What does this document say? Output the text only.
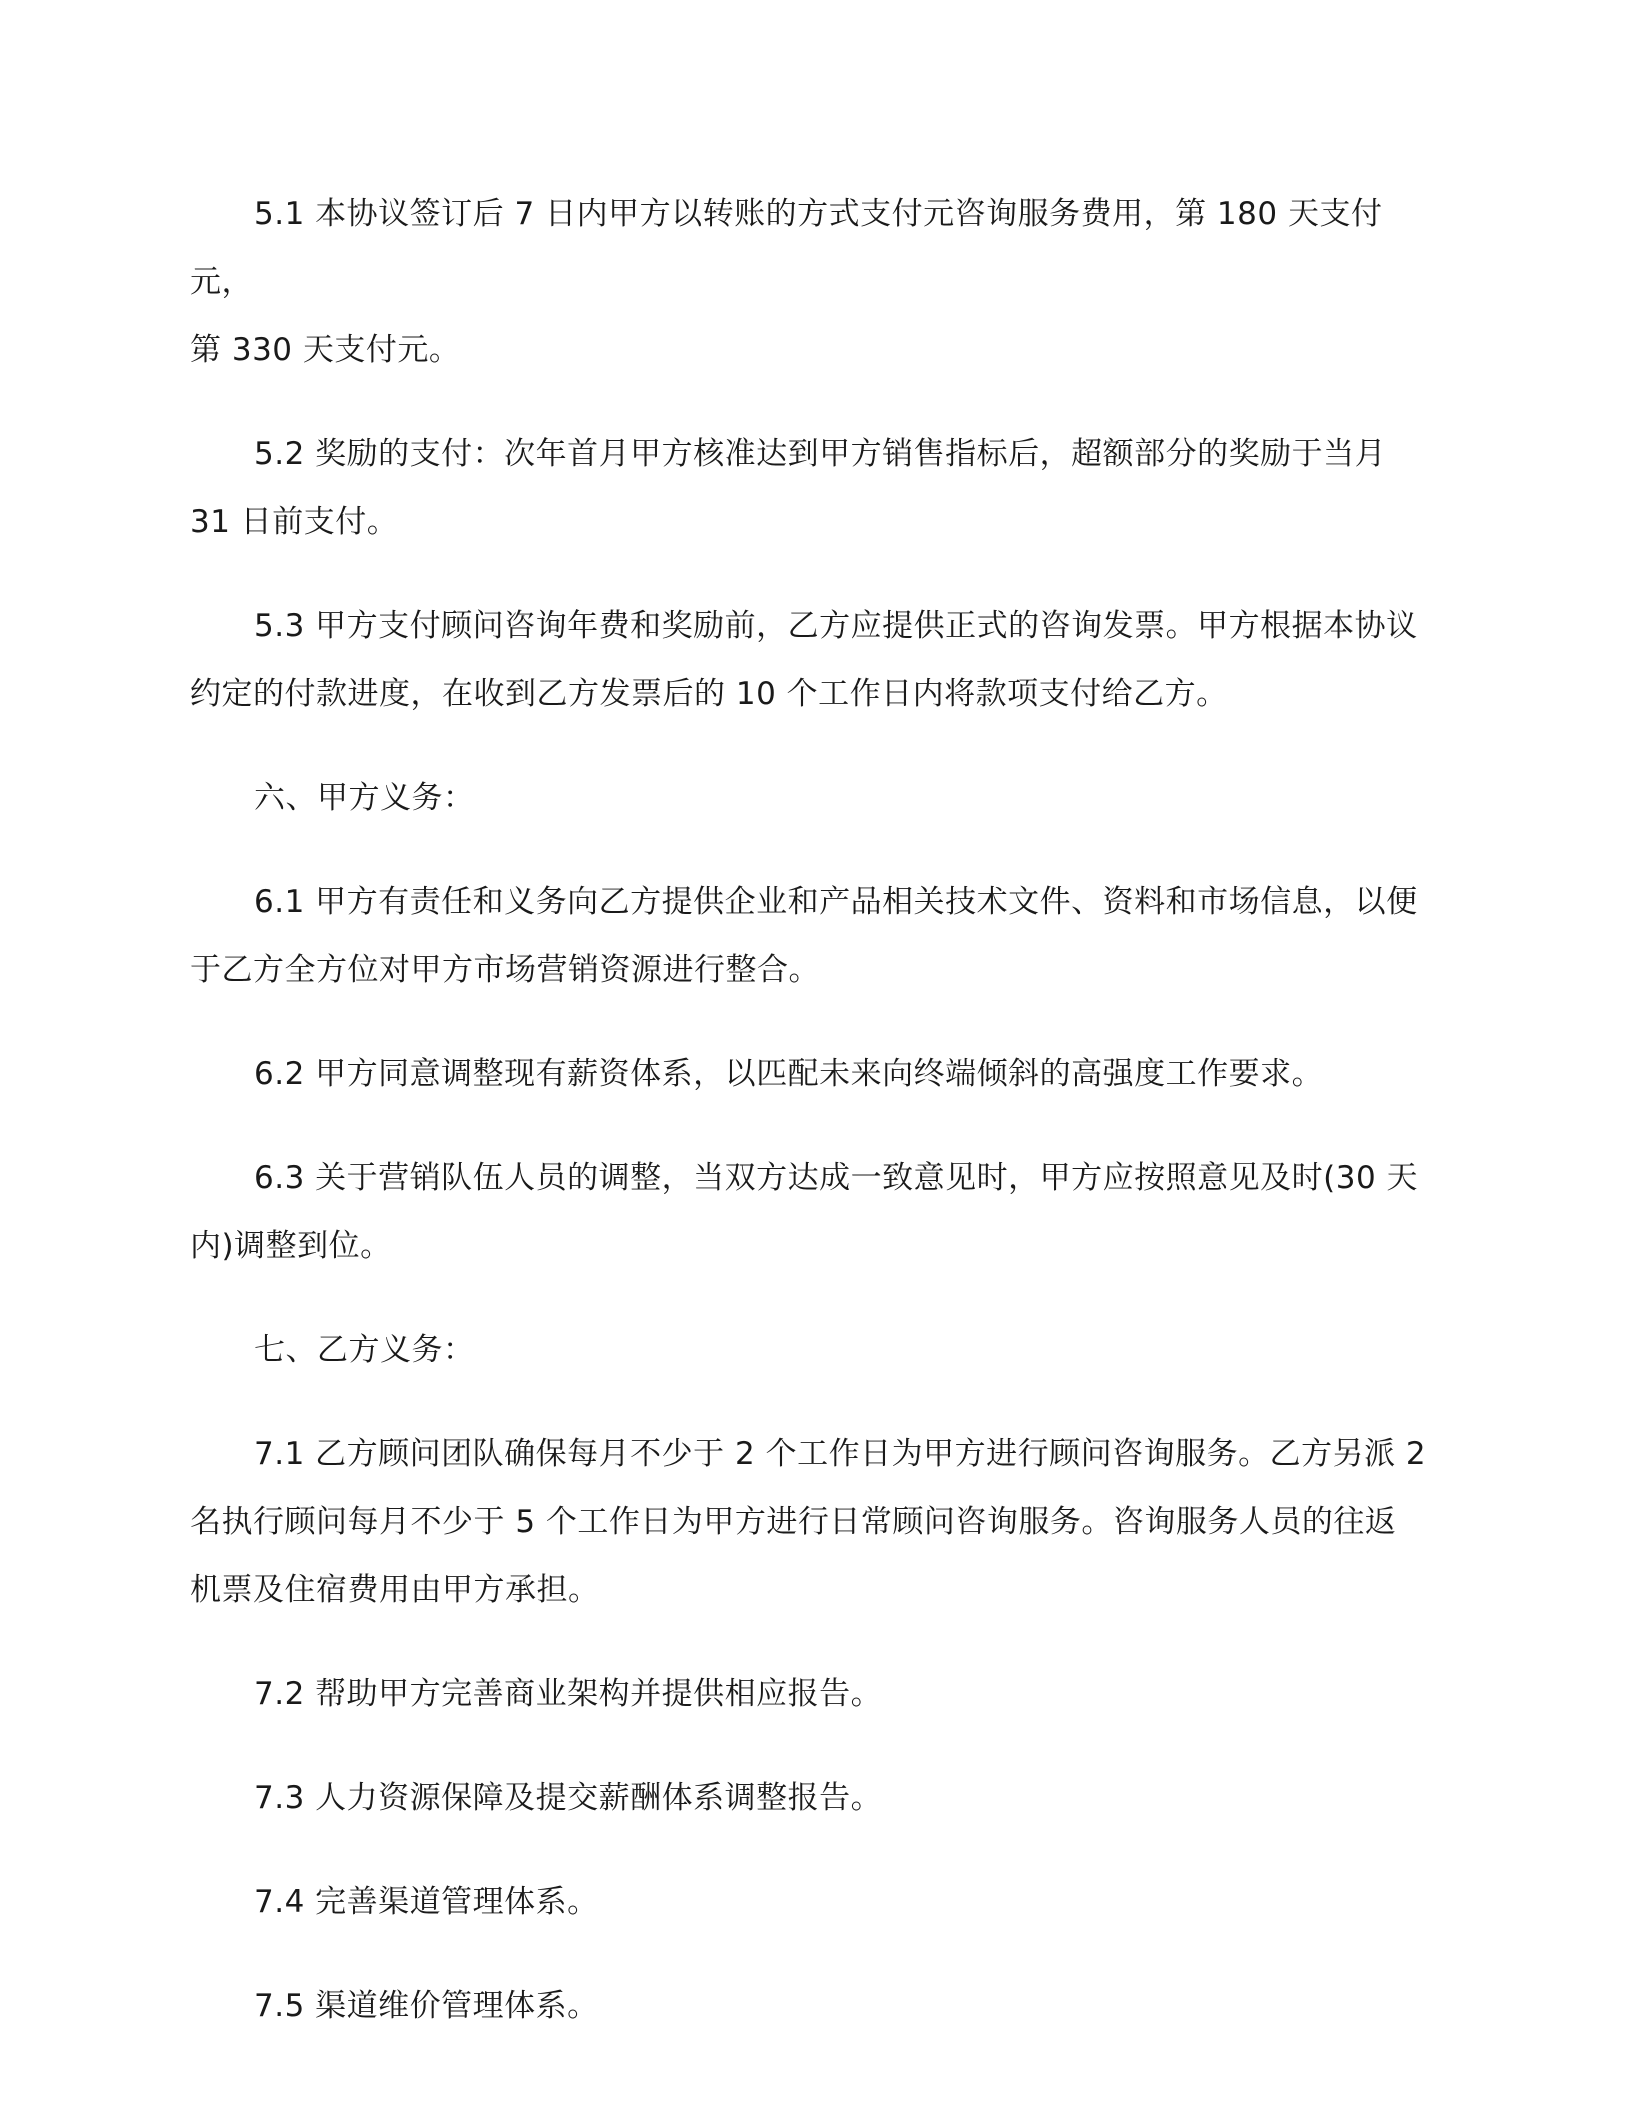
5.1 本协议签订后 7 日内甲方以转账的方式支付元咨询服务费用，第 180 天支付 元，
第 330 天支付元。

5.2 奖励的支付：次年首月甲方核准达到甲方销售指标后，超额部分的奖励于当月
31 日前支付。

5.3 甲方支付顾问咨询年费和奖励前，乙方应提供正式的咨询发票。甲方根据本协议
约定的付款进度，在收到乙方发票后的 10 个工作日内将款项支付给乙方。

六、甲方义务：

6.1 甲方有责任和义务向乙方提供企业和产品相关技术文件、资料和市场信息，以便
于乙方全方位对甲方市场营销资源进行整合。

6.2 甲方同意调整现有薪资体系，以匹配未来向终端倾斜的高强度工作要求。

6.3 关于营销队伍人员的调整，当双方达成一致意见时，甲方应按照意见及时(30 天
内)调整到位。

七、乙方义务：

7.1 乙方顾问团队确保每月不少于 2 个工作日为甲方进行顾问咨询服务。乙方另派 2
名执行顾问每月不少于 5 个工作日为甲方进行日常顾问咨询服务。咨询服务人员的往返
机票及住宿费用由甲方承担。

7.2 帮助甲方完善商业架构并提供相应报告。

7.3 人力资源保障及提交薪酬体系调整报告。

7.4 完善渠道管理体系。

7.5 渠道维价管理体系。
